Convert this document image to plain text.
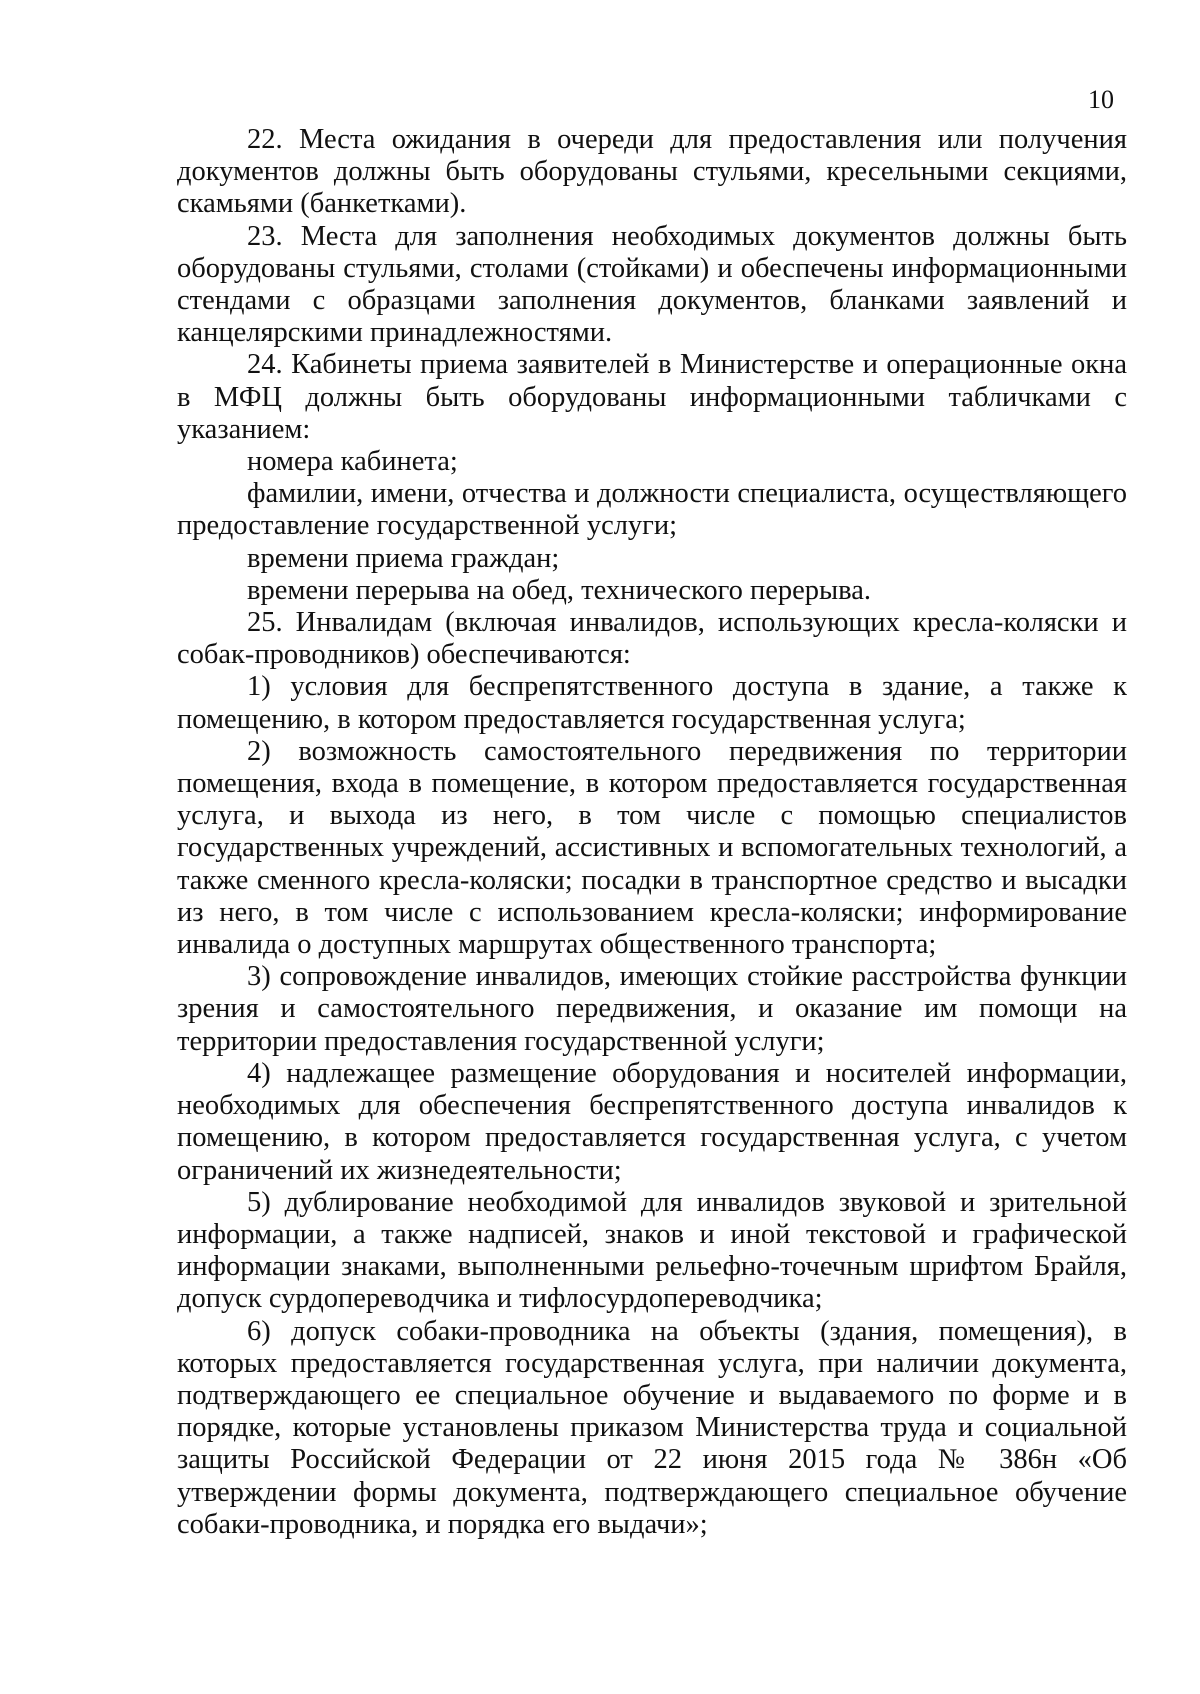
10

22. Места ожидания в очереди для предоставления или получения документов должны быть оборудованы стульями, кресельными секциями, скамьями (банкетками).

23. Места для заполнения необходимых документов должны быть оборудованы стульями, столами (стойками) и обеспечены информационными стендами с образцами заполнения документов, бланками заявлений и канцелярскими принадлежностями.

24. Кабинеты приема заявителей в Министерстве и операционные окна в МФЦ должны быть оборудованы информационными табличками с указанием:

номера кабинета;

фамилии, имени, отчества и должности специалиста, осуществляющего предоставление государственной услуги;

времени приема граждан;

времени перерыва на обед, технического перерыва.

25. Инвалидам (включая инвалидов, использующих кресла-коляски и собак-проводников) обеспечиваются:

1) условия для беспрепятственного доступа в здание, а также к помещению, в котором предоставляется государственная услуга;

2) возможность самостоятельного передвижения по территории помещения, входа в помещение, в котором предоставляется государственная услуга, и выхода из него, в том числе с помощью специалистов государственных учреждений, ассистивных и вспомогательных технологий, а также сменного кресла-коляски; посадки в транспортное средство и высадки из него, в том числе с использованием кресла-коляски; информирование инвалида о доступных маршрутах общественного транспорта;

3) сопровождение инвалидов, имеющих стойкие расстройства функции зрения и самостоятельного передвижения, и оказание им помощи на территории предоставления государственной услуги;

4) надлежащее размещение оборудования и носителей информации, необходимых для обеспечения беспрепятственного доступа инвалидов к помещению, в котором предоставляется государственная услуга, с учетом ограничений их жизнедеятельности;

5) дублирование необходимой для инвалидов звуковой и зрительной информации, а также надписей, знаков и иной текстовой и графической информации знаками, выполненными рельефно-точечным шрифтом Брайля, допуск сурдопереводчика и тифлосурдопереводчика;

6) допуск собаки-проводника на объекты (здания, помещения), в которых предоставляется государственная услуга, при наличии документа, подтверждающего ее специальное обучение и выдаваемого по форме и в порядке, которые установлены приказом Министерства труда и социальной защиты Российской Федерации от 22 июня 2015 года № 386н «Об утверждении формы документа, подтверждающего специальное обучение собаки-проводника, и порядка его выдачи»;
